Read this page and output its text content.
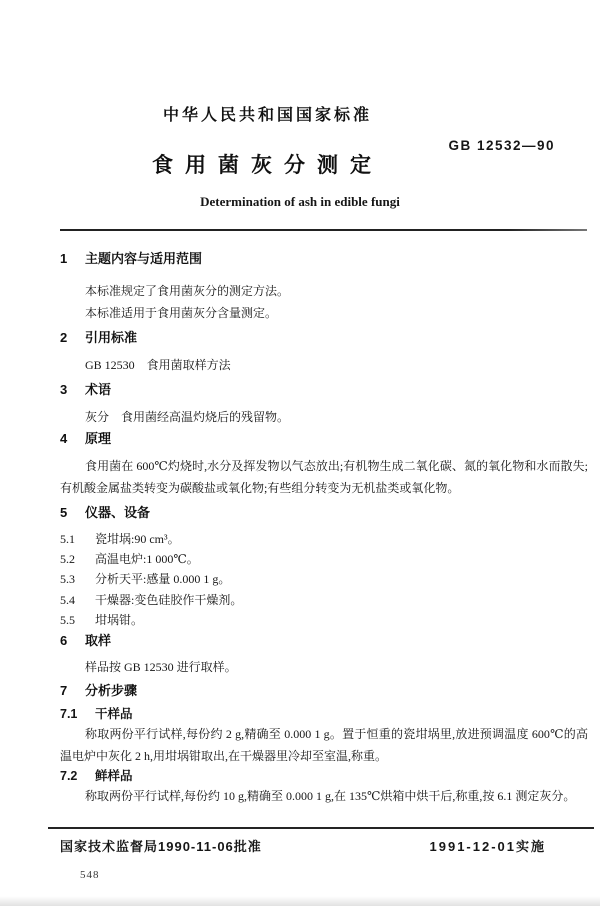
中华人民共和国国家标准
GB 12532—90
食用菌灰分测定
Determination of ash in edible fungi
1 主题内容与适用范围

本标准规定了食用菌灰分的测定方法。

本标准适用于食用菌灰分含量测定。

2 引用标准

GB 12530　食用菌取样方法

3 术语

灰分　食用菌经高温灼烧后的残留物。

4 原理

食用菌在 600℃灼烧时,水分及挥发物以气态放出;有机物生成二氧化碳、氮的氧化物和水而散失;有机酸金属盐类转变为碳酸盐或氧化物;有些组分转变为无机盐类或氧化物。

5 仪器、设备
5.1 瓷坩埚:90 cm³。
5.2 高温电炉:1 000℃。
5.3 分析天平:感量 0.000 1 g。
5.4 干燥器:变色硅胶作干燥剂。
5.5 坩埚钳。
6 取样

样品按 GB 12530 进行取样。

7 分析步骤
7.1 干样品

称取两份平行试样,每份约 2 g,精确至 0.000 1 g。置于恒重的瓷坩埚里,放进预调温度 600℃的高温电炉中灰化 2 h,用坩埚钳取出,在干燥器里冷却至室温,称重。

7.2 鲜样品

称取两份平行试样,每份约 10 g,精确至 0.000 1 g,在 135℃烘箱中烘干后,称重,按 6.1 测定灰分。

国家技术监督局1990-11-06批准	1991-12-01实施
548
